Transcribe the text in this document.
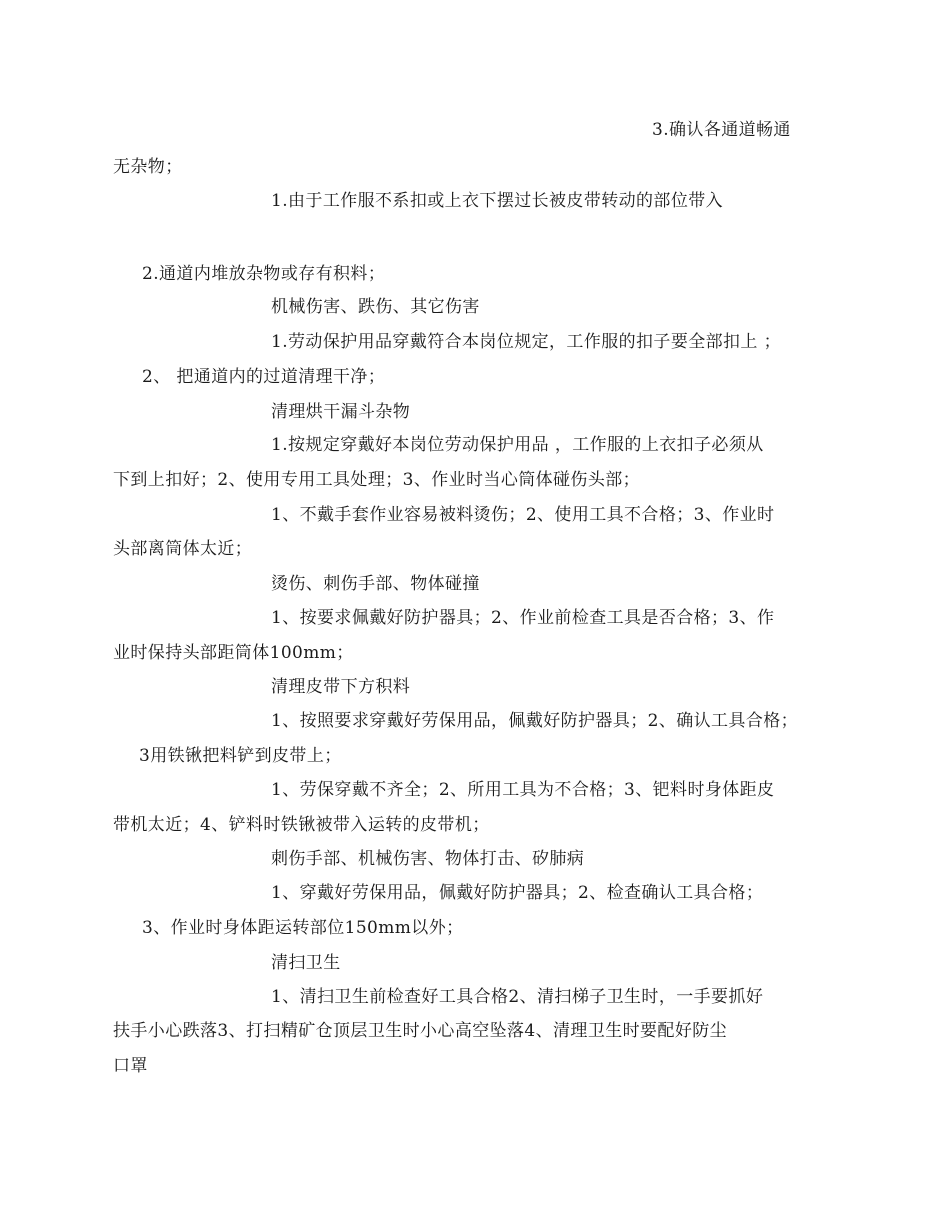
3.确认各通道畅通
无杂物；
1.由于工作服不系扣或上衣下摆过长被皮带转动的部位带入
2.通道内堆放杂物或存有积料；
机械伤害、跌伤、其它伤害
1.劳动保护用品穿戴符合本岗位规定，工作服的扣子要全部扣上 ；
2、 把通道内的过道清理干净；
清理烘干漏斗杂物
1.按规定穿戴好本岗位劳动保护用品 ，工作服的上衣扣子必须从
下到上扣好；2、使用专用工具处理；3、作业时当心筒体碰伤头部；
1、不戴手套作业容易被料烫伤；2、使用工具不合格；3、作业时
头部离筒体太近；
烫伤、刺伤手部、物体碰撞
1、按要求佩戴好防护器具；2、作业前检查工具是否合格；3、作
业时保持头部距筒体100mm；
清理皮带下方积料
1、按照要求穿戴好劳保用品，佩戴好防护器具；2、确认工具合格；
3用铁锹把料铲到皮带上；
1、劳保穿戴不齐全；2、所用工具为不合格；3、钯料时身体距皮
带机太近；4、铲料时铁锹被带入运转的皮带机；
刺伤手部、机械伤害、物体打击、矽肺病
1、穿戴好劳保用品，佩戴好防护器具；2、检查确认工具合格；
3、作业时身体距运转部位150mm以外；
清扫卫生
1、清扫卫生前检查好工具合格2、清扫梯子卫生时，一手要抓好
扶手小心跌落3、打扫精矿仓顶层卫生时小心高空坠落4、清理卫生时要配好防尘
口罩
